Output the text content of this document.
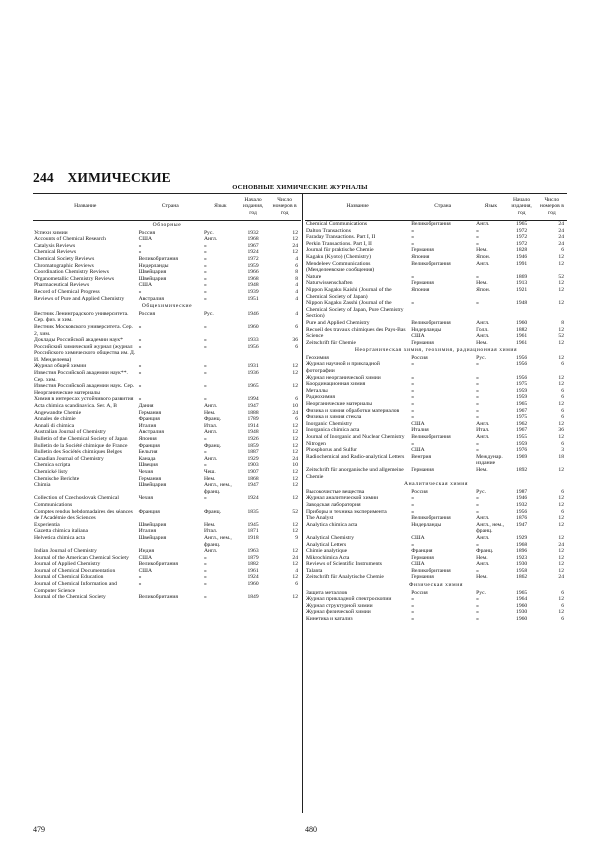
244 ХИМИЧЕСКИЕ
ОСНОВНЫЕ ХИМИЧЕСКИЕ ЖУРНАЛЫ
Название	Страна	Язык	Начало издания, год	Число номеров в год
Обзорные				
Успехи химии	Россия	Рус.	1932	12
Accounts of Chemical Research	США	Англ.	1968	12
Catalysis Reviews	»	»	1967	24
Chemical Reviews	»	»	1924	12
Chemical Society Reviews	Великобритания	»	1972	4
Chromatographic Reviews	Нидерланды	»	1959	6
Coordination Chemistry Reviews	Швейцария	»	1966	8
Organometallic Chemistry Reviews	Швейцария	»	1968	8
Pharmaceutical Reviews	США	»	1948	4
Record of Chemical Progress	»	»	1939	4
Reviews of Pure and Applied Chemistry	Австралия	»	1951	4
Общехимические				
Вестник Ленинградского университета. Сер. физ. и хим.	Россия	Рус.	1946	4
Вестник Московского университета. Сер. 2, хим.	»	»	1960	6
Доклады Российской академии наук*	»	»	1933	36
Российский химический журнал (журнал Российского химического общества им. Д. И. Менделеева)	»	»	1956	6
Журнал общей химии	»	»	1931	12
Известия Российской академии наук**. Сер. хим.	»	»	1936	12
Известия Российской академии наук. Сер. Неорганические материалы	»	»	1965	12
Химия в интересах устойчивого развития	»	»	1994	6
Acta chimica scandinavica. Ser. A, B	Дания	Англ.	1947	10
Angewandte Chemie	Германия	Нем.	1888	24
Annales de chimie	Франция	Франц.	1789	6
Annali di chimica	Италия	Итал.	1914	12
Australian Journal of Chemistry	Австралия	Англ.	1948	12
Bulletin of the Chemical Society of Japan	Япония	»	1926	12
Bulletin de la Société chimique de France	Франция	Франц.	1859	12
Bulletin des Sociétés chimiques Belges	Бельгия	»	1887	12
Canadian Journal of Chemistry	Канада	Англ.	1929	24
Chemica scripta	Швеция	»	1903	10
Chemické listy	Чехия	Чеш.	1907	12
Chemische Berichte	Германия	Нем.	1868	12
Chimia	Швейцария	Англ., нем., франц.	1947	12
Collection of Czechoslovak Chemical Communications	Чехия	»	1924	12
Comptes rendus hebdomadaires des séances de l'Académie des Sciences	Франция	Франц.	1835	52
Experientia	Швейцария	Нем.	1945	12
Gazetta chimica italiana	Италия	Итал.	1871	12
Helvetica chimica acta	Швейцария	Англ., нем., франц.	1918	9
Indian Journal of Chemistry	Индия	Англ.	1963	12
Journal of the American Chemical Society	США	»	1879	24
Journal of Applied Chemistry	Великобритания	»	1882	12
Journal of Chemical Documentation	США	»	1961	4
Journal of Chemical Education	»	»	1924	12
Journal of Chemical Information and Computer Science	»	»	1960	6
Journal of the Chemical Society	Великобритания	»	1849	12
Название	Страна	Язык	Начало издания, год	Число номеров в год
Chemical Communications	Великобритания	Англ.	1965	24
Dalton Transactions	»	»	1972	24
Faraday Transactions. Part I, II	»	»	1972	24
Perkin Transactions. Part I, II	»	»	1972	24
Journal für praktische Chemie	Германия	Нем.	1828	6
Kagaku (Kyoto) (Chemistry)	Япония	Япон.	1946	12
Mendeleev Communications (Менделеевские сообщения)	Великобритания	Англ.	1991	12
Nature	»	»	1869	52
Naturwissenschaften	Германия	Нем.	1913	12
Nippon Kagaku Kaishi (Journal of the Chemical Society of Japan)	Япония	Япон.	1921	12
Nippon Kagaku Zasshi (Journal of the Chemical Society of Japan, Pure Chemistry Section)	»	»	1948	12
Pure and Applied Chemistry	Великобритания	Англ.	1960	8
Recueil des travaux chimiques des Pays-Bas	Нидерланды	Голл.	1882	12
Science	США	Англ.	1961	52
Zeitschrift für Chemie	Германия	Нем.	1961	12
Неорганическая химия, геохимия, радиационная химия				
Геохимия	Россия	Рус.	1956	12
Журнал научной и прикладной фотографии	»	»	1956	6
Журнал неорганической химии	»	»	1956	12
Координационная химия	»	»	1975	12
Металлы	»	»	1959	6
Радиохимия	»	»	1959	6
Неорганические материалы	»	»	1965	12
Физика и химия обработки материалов	»	»	1967	6
Физика и химия стекла	»	»	1975	6
Inorganic Chemistry	США	Англ.	1962	12
Inorganica chimica acta	Италия	Итал.	1967	36
Journal of Inorganic and Nuclear Chemistry	Великобритания	Англ.	1955	12
Nitrogen	»	»	1959	6
Phosphorus and Sulfur	США	»	1976	3
Radiochemical and Radio-analytical Letters	Венгрия	Междунар. издание	1969	18
Zeitschrift für anorganische und allgemeine Chemie	Германия	Нем.	1892	12
Аналитическая химия				
Высокочистые вещества	Россия	Рус.	1987	6
Журнал аналитической химии	»	»	1946	12
Заводская лаборатория	»	»	1932	12
Приборы и техника эксперимента	»	»	1956	6
The Analyst	Великобритания	Англ.	1876	12
Analytica chimica acta	Нидерланды	Англ., нем., франц.	1947	12
Analytical Chemistry	США	Англ.	1929	12
Analytical Letters	»	»	1968	24
Chimie analytique	Франция	Франц.	1896	12
Mikrochimica Acta	Германия	Нем.	1923	12
Reviews of Scientific Instruments	США	Англ.	1930	12
Talanta	Великобритания	»	1958	12
Zeitschrift für Analytische Chemie	Германия	Нем.	1862	24
Физическая химия				
Защита металлов	Россия	Рус.	1965	6
Журнал прикладной спектроскопии	»	»	1964	12
Журнал структурной химии	»	»	1960	6
Журнал физической химии	»	»	1930	12
Кинетика и катализ	»	»	1960	6
479	480
